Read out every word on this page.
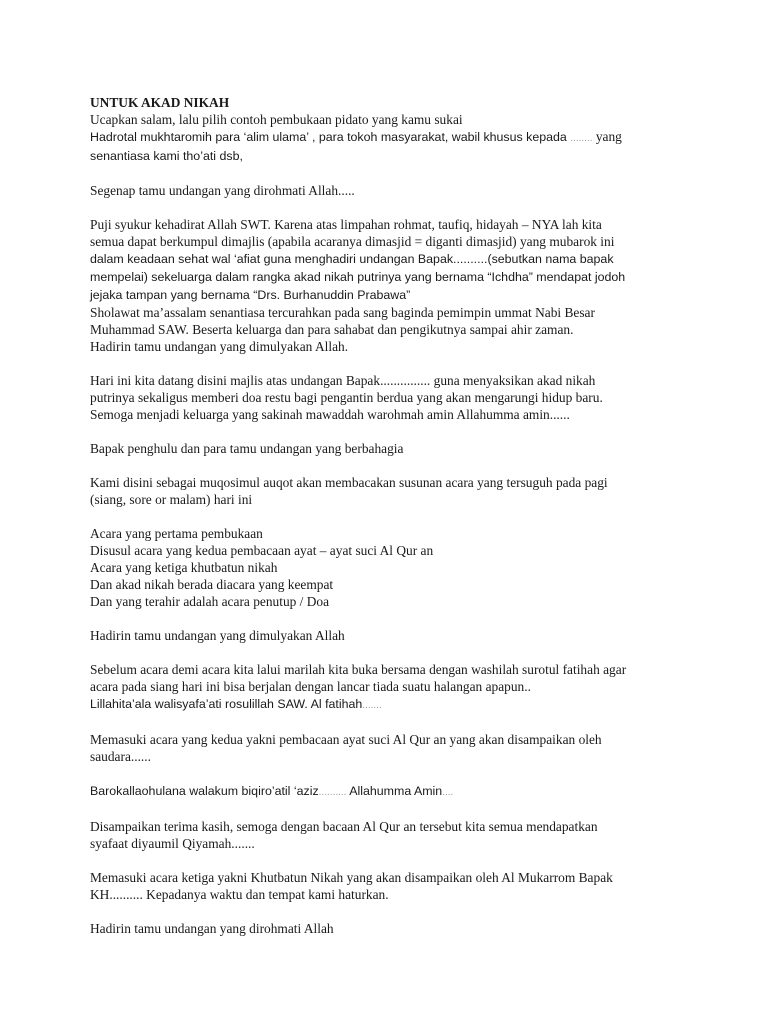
UNTUK AKAD NIKAH
Ucapkan salam, lalu pilih contoh pembukaan pidato yang kamu sukai
Hadrotal mukhtaromih para ‘alim ulama’ , para tokoh masyarakat, wabil khusus kepada ........ yang
senantiasa kami tho’ati dsb,
Segenap tamu undangan yang dirohmati Allah.....
Puji syukur kehadirat Allah SWT. Karena atas limpahan rohmat, taufiq, hidayah – NYA lah kita
semua dapat berkumpul dimajlis (apabila acaranya dimasjid = diganti dimasjid) yang mubarok ini
dalam keadaan sehat wal ‘afiat guna menghadiri undangan Bapak..........(sebutkan nama bapak
mempelai) sekeluarga dalam rangka akad nikah putrinya yang bernama “Ichdha” mendapat jodoh
jejaka tampan yang bernama “Drs. Burhanuddin Prabawa”
Sholawat ma’assalam senantiasa tercurahkan pada sang baginda pemimpin ummat Nabi Besar
Muhammad SAW. Beserta keluarga dan para sahabat dan pengikutnya sampai ahir zaman.
Hadirin tamu undangan yang dimulyakan Allah.
Hari ini kita datang disini majlis atas undangan Bapak............... guna menyaksikan akad nikah
putrinya sekaligus memberi doa restu bagi pengantin berdua yang akan mengarungi hidup baru.
Semoga menjadi keluarga yang sakinah mawaddah warohmah amin Allahumma amin......
Bapak penghulu dan para tamu undangan yang berbahagia
Kami disini sebagai muqosimul auqot akan membacakan susunan acara yang tersuguh pada pagi
(siang, sore or malam) hari ini
Acara yang pertama pembukaan
Disusul acara yang kedua pembacaan ayat – ayat suci Al Qur an
Acara yang ketiga khutbatun nikah
Dan akad nikah berada diacara yang keempat
Dan yang terahir adalah acara penutup / Doa
Hadirin tamu undangan yang dimulyakan Allah
Sebelum acara demi acara kita lalui marilah kita buka bersama dengan washilah surotul fatihah agar
acara pada siang hari ini bisa berjalan dengan lancar tiada suatu halangan apapun..
Lillahita’ala walisyafa’ati rosulillah SAW. Al fatihah.......
Memasuki acara yang kedua yakni pembacaan ayat suci Al Qur an yang akan disampaikan oleh
saudara......
Barokallaohulana walakum biqiro’atil ‘aziz.......... Allahumma Amin....
Disampaikan terima kasih, semoga dengan bacaan Al Qur an tersebut kita semua mendapatkan
syafaat diyaumil Qiyamah.......
Memasuki acara ketiga yakni Khutbatun Nikah yang akan disampaikan oleh Al Mukarrom Bapak
KH.......... Kepadanya waktu dan tempat kami haturkan.
Hadirin tamu undangan yang dirohmati Allah
